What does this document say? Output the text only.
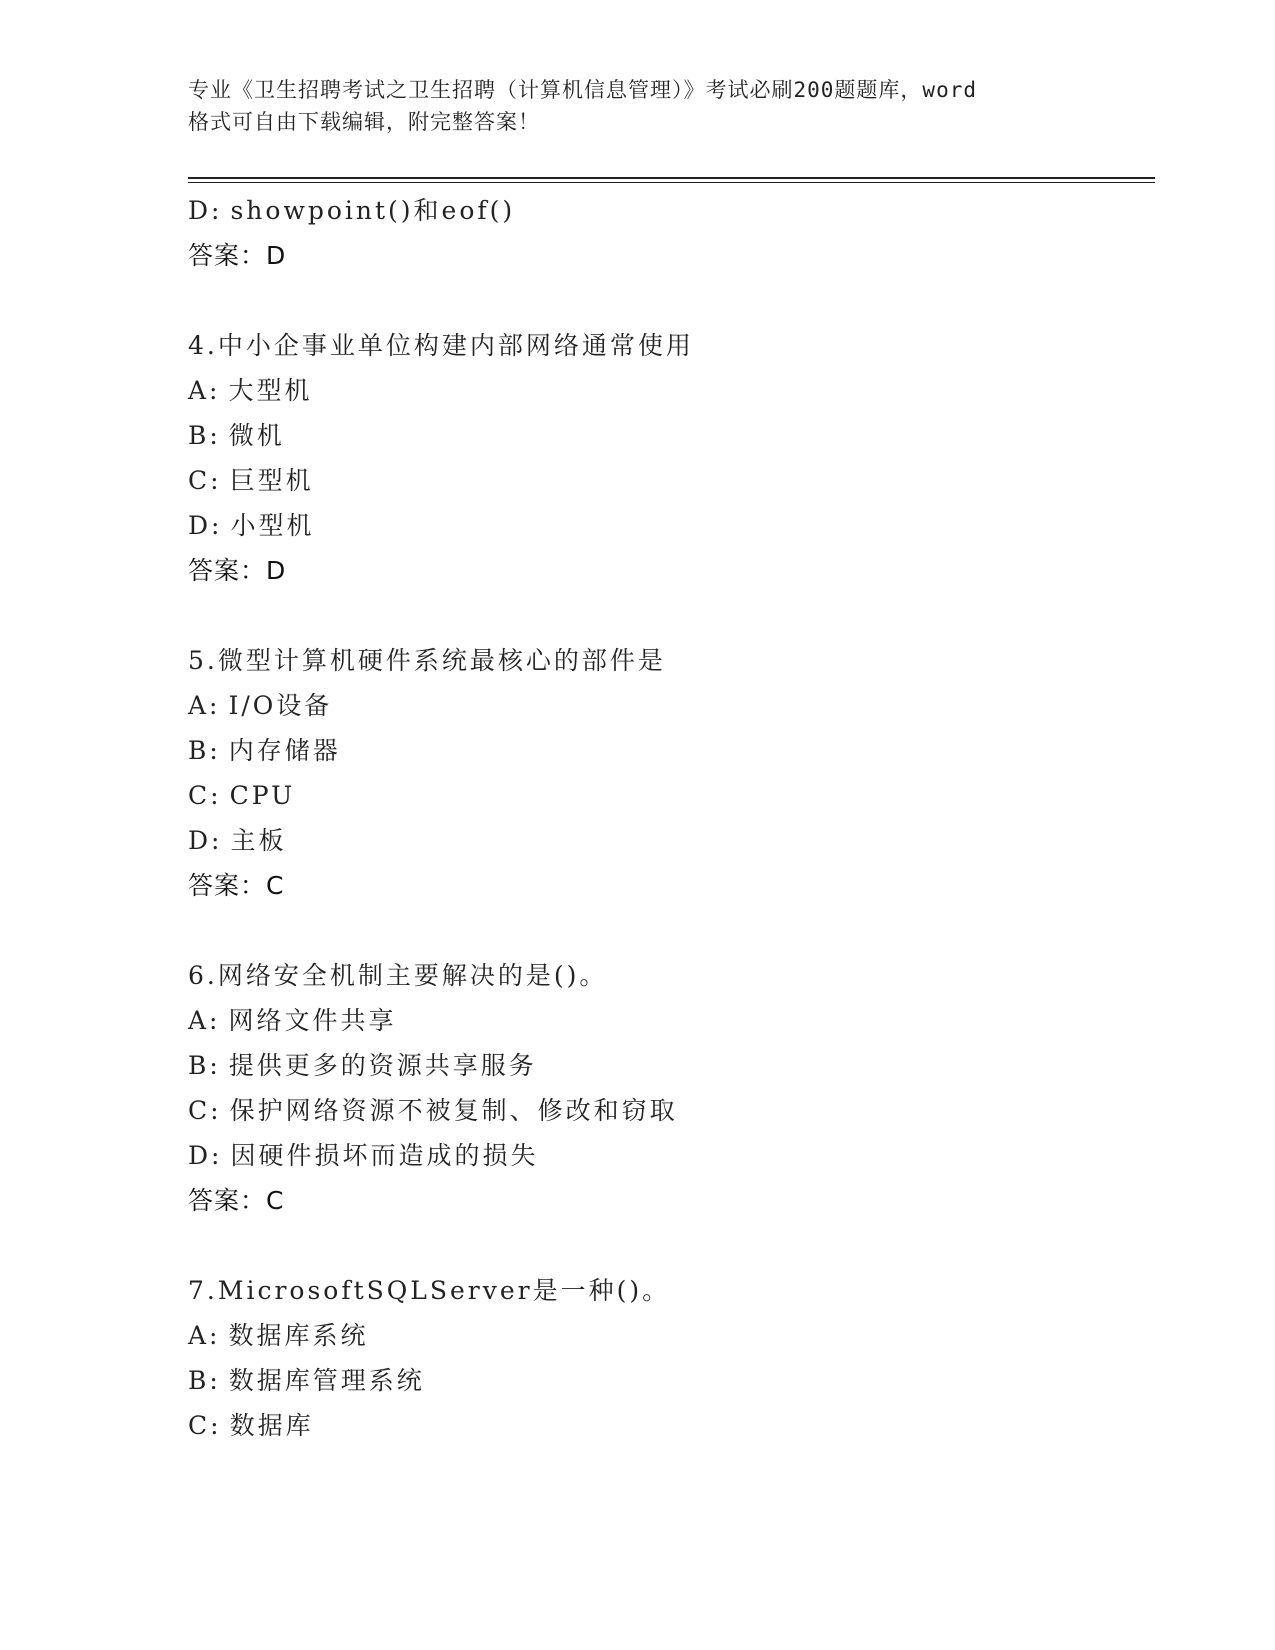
专业《卫生招聘考试之卫生招聘（计算机信息管理）》考试必刷200题题库，word
格式可自由下载编辑，附完整答案！
D: showpoint()和eof()
答案：D
4.中小企事业单位构建内部网络通常使用
A: 大型机
B: 微机
C: 巨型机
D: 小型机
答案：D
5.微型计算机硬件系统最核心的部件是
A: I/O设备
B: 内存储器
C: CPU
D: 主板
答案：C
6.网络安全机制主要解决的是()。
A: 网络文件共享
B: 提供更多的资源共享服务
C: 保护网络资源不被复制、修改和窃取
D: 因硬件损坏而造成的损失
答案：C
7.MicrosoftSQLServer是一种()。
A: 数据库系统
B: 数据库管理系统
C: 数据库
